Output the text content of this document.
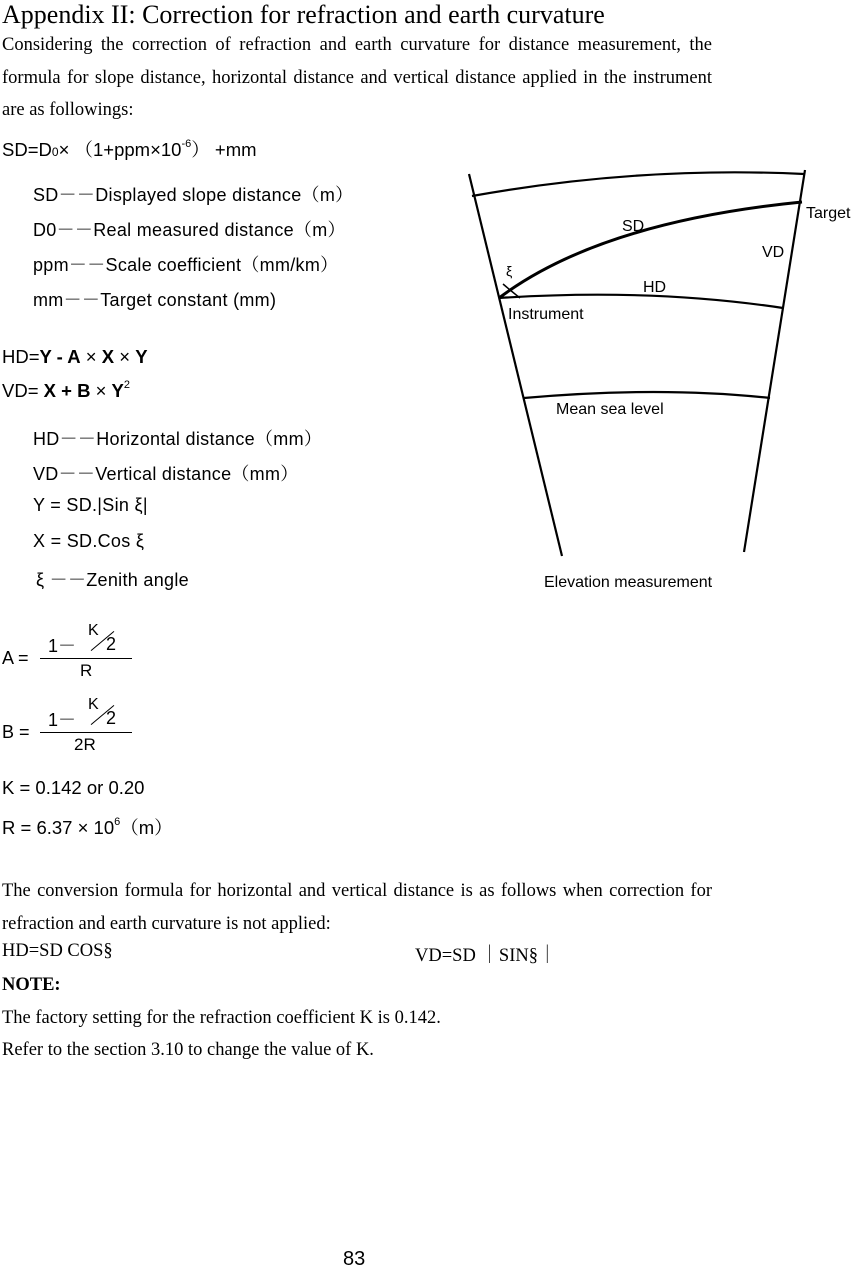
Appendix II: Correction for refraction and earth curvature
Considering the correction of refraction and earth curvature for distance measurement, the formula for slope distance, horizontal distance and vertical distance applied in the instrument are as followings:
$SD=D0\times (1+ppm\times 10^{-6}) +mm$
SD－－Displayed slope distance（m）
D0－－Real measured distance（m）
ppm－－Scale coefficient（mm/km）
mm－－Target constant (mm)
HD=Y - A × X × Y
$VD= X + B \times Y^2$
HD－－Horizontal distance（mm）
VD－－Vertical distance（mm）
Y = SD.|Sin ξ|
X = SD.Cos ξ
ξ －－Zenith angle
A =
1－
K
2
R
B =
1－
K
2
2R
K = 0.142 or 0.20
$R = 6.37 \times 10^6(m)$
Target
SD
VD
ξ
HD
Instrument
Mean sea level
Elevation measurement
The conversion formula for horizontal and vertical distance is as follows when correction for refraction and earth curvature is not applied:
HD=SD COS§	VD=SD ｜SIN§｜
NOTE:
The factory setting for the refraction coefficient K is 0.142.
Refer to the section 3.10 to change the value of K.
83
